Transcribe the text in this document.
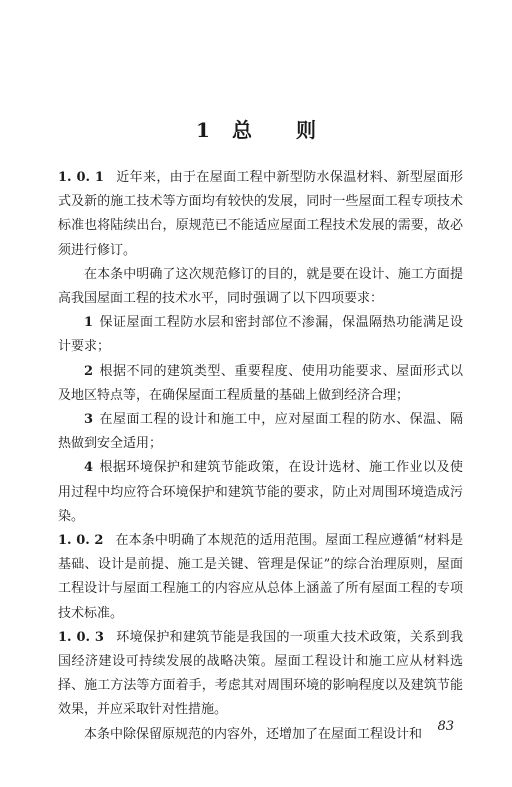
1 总 则

1. 0. 1 近年来，由于在屋面工程中新型防水保温材料、新型屋面形式及新的施工技术等方面均有较快的发展，同时一些屋面工程专项技术标准也将陆续出台，原规范已不能适应屋面工程技术发展的需要，故必须进行修订。

在本条中明确了这次规范修订的目的，就是要在设计、施工方面提高我国屋面工程的技术水平，同时强调了以下四项要求：

1 保证屋面工程防水层和密封部位不渗漏，保温隔热功能满足设计要求；

2 根据不同的建筑类型、重要程度、使用功能要求、屋面形式以及地区特点等，在确保屋面工程质量的基础上做到经济合理；

3 在屋面工程的设计和施工中，应对屋面工程的防水、保温、隔热做到安全适用；

4 根据环境保护和建筑节能政策，在设计选材、施工作业以及使用过程中均应符合环境保护和建筑节能的要求，防止对周围环境造成污染。

1. 0. 2 在本条中明确了本规范的适用范围。屋面工程应遵循“材料是基础、设计是前提、施工是关键、管理是保证”的综合治理原则，屋面工程设计与屋面工程施工的内容应从总体上涵盖了所有屋面工程的专项技术标准。

1. 0. 3 环境保护和建筑节能是我国的一项重大技术政策，关系到我国经济建设可持续发展的战略决策。屋面工程设计和施工应从材料选择、施工方法等方面着手，考虑其对周围环境的影响程度以及建筑节能效果，并应采取针对性措施。

本条中除保留原规范的内容外，还增加了在屋面工程设计和

83
